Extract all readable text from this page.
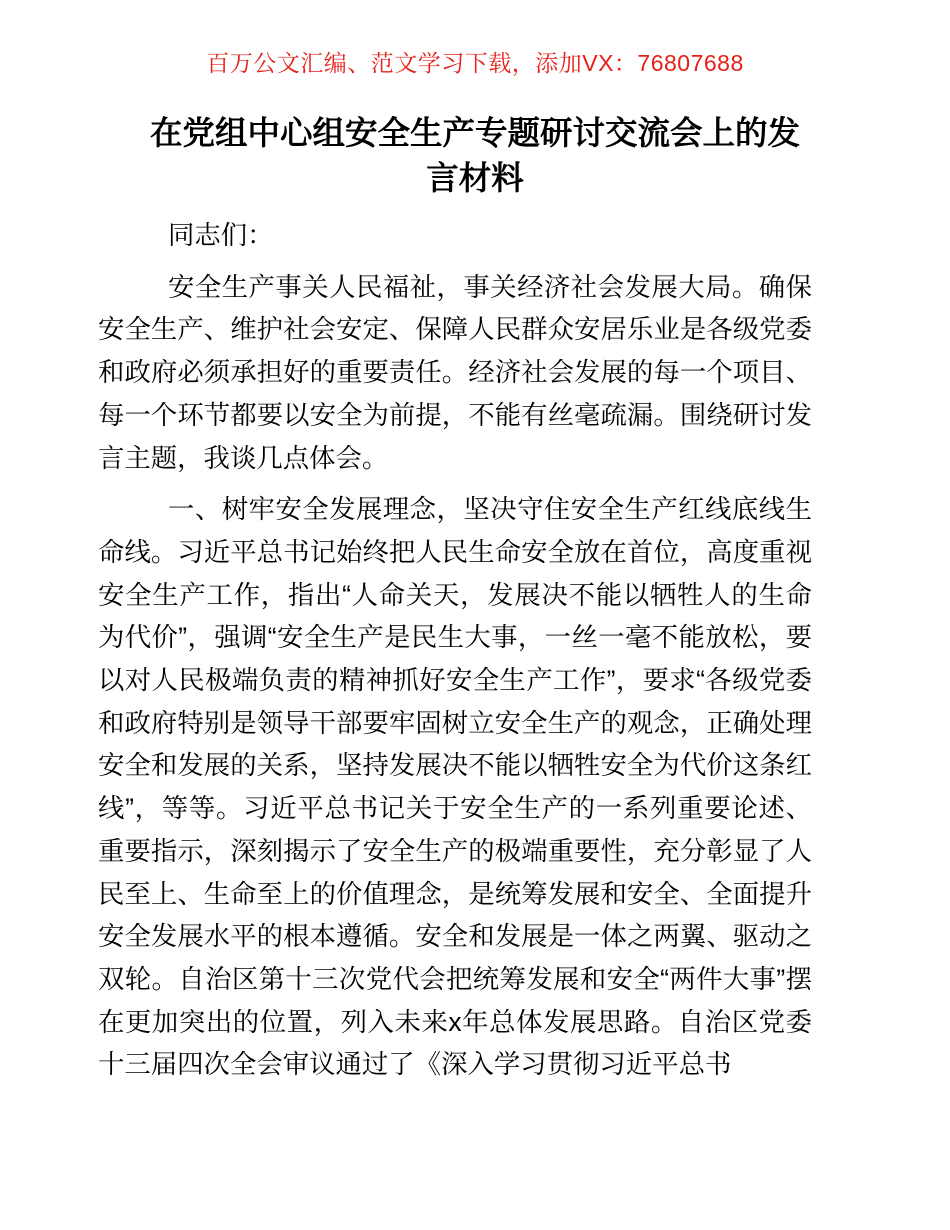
百万公文汇编、范文学习下载，添加VX：76807688
在党组中心组安全生产专题研讨交流会上的发言材料

同志们：

安全生产事关人民福祉，事关经济社会发展大局。确保安全生产、维护社会安定、保障人民群众安居乐业是各级党委和政府必须承担好的重要责任。经济社会发展的每一个项目、每一个环节都要以安全为前提，不能有丝毫疏漏。围绕研讨发言主题，我谈几点体会。

一、树牢安全发展理念，坚决守住安全生产红线底线生命线。习近平总书记始终把人民生命安全放在首位，高度重视安全生产工作，指出“人命关天，发展决不能以牺牲人的生命为代价”，强调“安全生产是民生大事，一丝一毫不能放松，要以对人民极端负责的精神抓好安全生产工作”，要求“各级党委和政府特别是领导干部要牢固树立安全生产的观念，正确处理安全和发展的关系，坚持发展决不能以牺牲安全为代价这条红线”，等等。习近平总书记关于安全生产的一系列重要论述、重要指示，深刻揭示了安全生产的极端重要性，充分彰显了人民至上、生命至上的价值理念，是统筹发展和安全、全面提升安全发展水平的根本遵循。安全和发展是一体之两翼、驱动之双轮。自治区第十三次党代会把统筹发展和安全“两件大事”摆在更加突出的位置，列入未来x年总体发展思路。自治区党委十三届四次全会审议通过了《深入学习贯彻习近平总书
